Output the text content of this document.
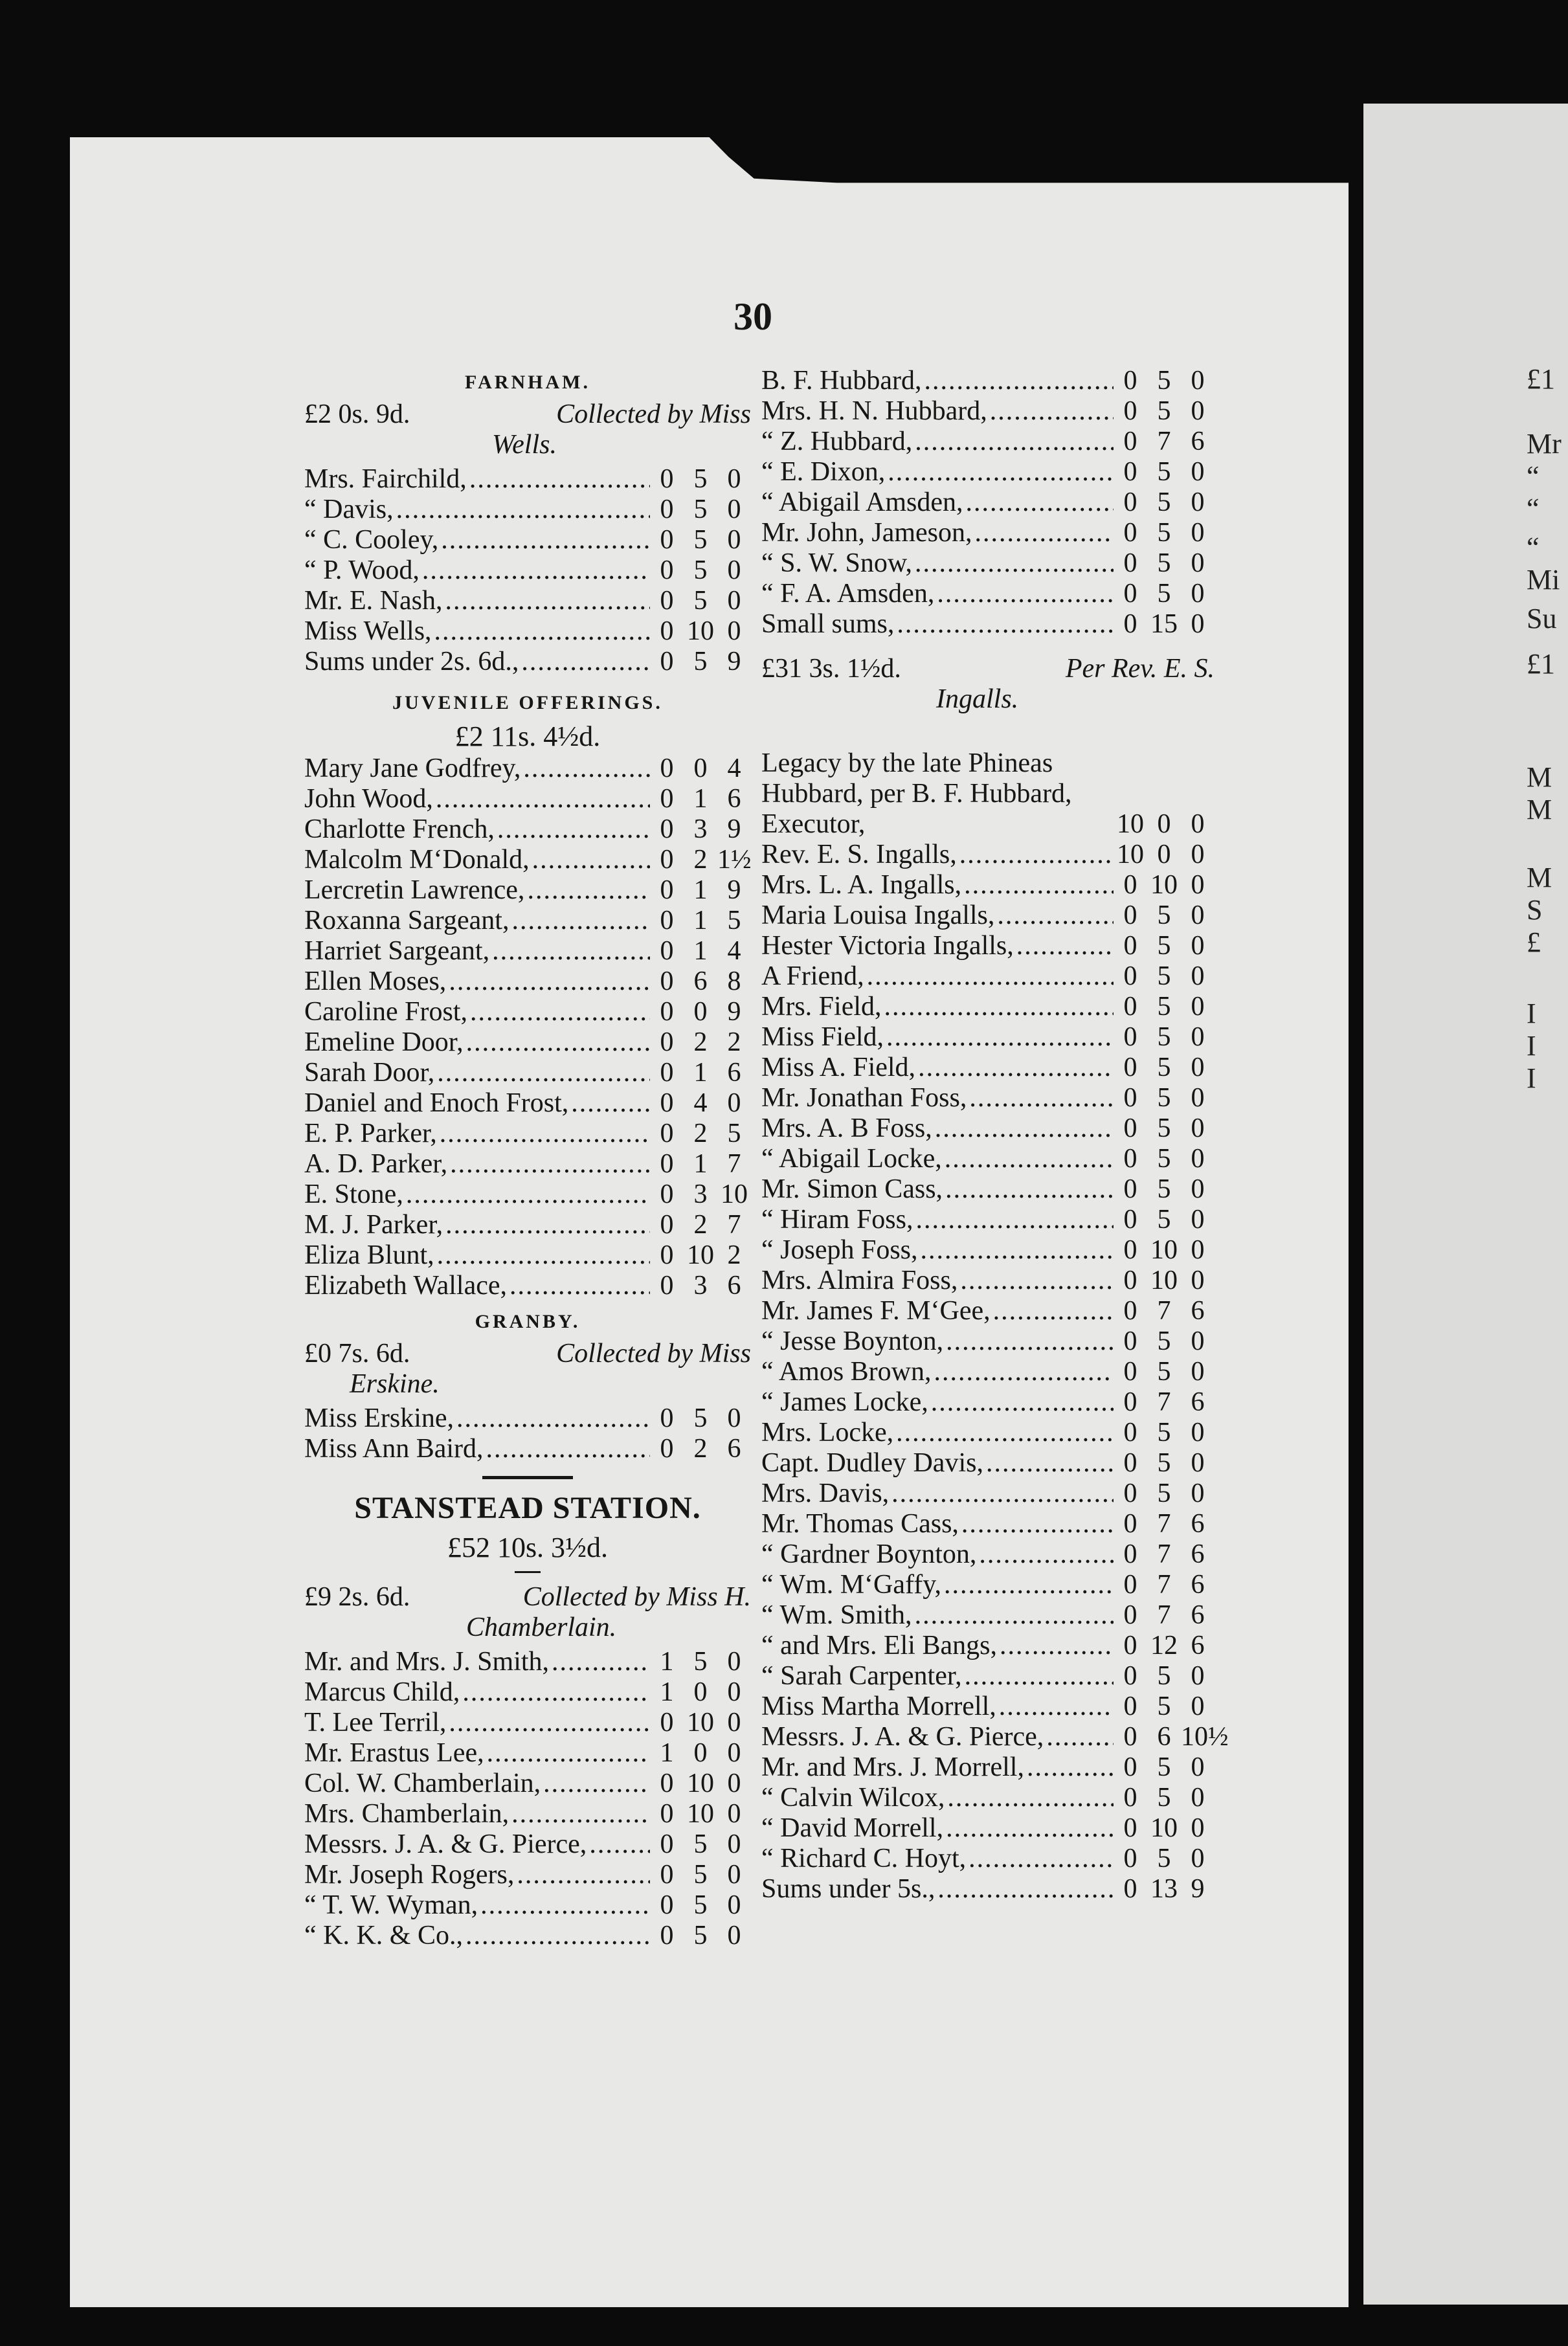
30
FARNHAM.
£2 0s. 9d.	Collected by Miss
Wells.
Mrs. Fairchild, .....	0 5 0
“ Davis, .....	0 5 0
“ C. Cooley, .....	0 5 0
“ P. Wood, .....	0 5 0
Mr. E. Nash, .....	0 5 0
Miss Wells, .....	0 10 0
Sums under 2s. 6d., .....	0 5 9
JUVENILE OFFERINGS.
£2 11s. 4½d.
Mary Jane Godfrey, .....	0 0 4
John Wood, .....	0 1 6
Charlotte French, .....	0 3 9
Malcolm M‘Donald, .....	0 2 1½
Lercretin Lawrence, .....	0 1 9
Roxanna Sargeant, .....	0 1 5
Harriet Sargeant, .....	0 1 4
Ellen Moses, .....	0 6 8
Caroline Frost, .....	0 0 9
Emeline Door, .....	0 2 2
Sarah Door, .....	0 1 6
Daniel and Enoch Frost, .....	0 4 0
E. P. Parker, .....	0 2 5
A. D. Parker, .....	0 1 7
E. Stone, .....	0 3 10
M. J. Parker, .....	0 2 7
Eliza Blunt, .....	0 10 2
Elizabeth Wallace, .....	0 3 6
GRANBY.
£0 7s. 6d.	Collected by Miss
Erskine.
Miss Erskine, .....	0 5 0
Miss Ann Baird, .....	0 2 6
STANSTEAD STATION.
£52 10s. 3½d.
£9 2s. 6d.	Collected by Miss H.
Chamberlain.
Mr. and Mrs. J. Smith, .....	1 5 0
Marcus Child, .....	1 0 0
T. Lee Terril, .....	0 10 0
Mr. Erastus Lee, .....	1 0 0
Col. W. Chamberlain, .....	0 10 0
Mrs. Chamberlain, .....	0 10 0
Messrs. J. A. & G. Pierce, .....	0 5 0
Mr. Joseph Rogers, .....	0 5 0
“ T. W. Wyman, .....	0 5 0
“ K. K. & Co., .....	0 5 0
B. F. Hubbard, .....	0 5 0
Mrs. H. N. Hubbard, .....	0 5 0
“ Z. Hubbard, .....	0 7 6
“ E. Dixon, .....	0 5 0
“ Abigail Amsden, .....	0 5 0
Mr. John, Jameson, .....	0 5 0
“ S. W. Snow, .....	0 5 0
“ F. A. Amsden, .....	0 5 0
Small sums, .....	0 15 0
£31 3s. 1½d.	Per Rev. E. S.
Ingalls.
Legacy by the late Phineas Hubbard, per B. F. Hubbard, Executor,	10 0 0
Rev. E. S. Ingalls, .....	10 0 0
Mrs. L. A. Ingalls, .....	0 10 0
Maria Louisa Ingalls, .....	0 5 0
Hester Victoria Ingalls, .....	0 5 0
A Friend, .....	0 5 0
Mrs. Field, .....	0 5 0
Miss Field, .....	0 5 0
Miss A. Field, .....	0 5 0
Mr. Jonathan Foss, .....	0 5 0
Mrs. A. B Foss, .....	0 5 0
“ Abigail Locke, .....	0 5 0
Mr. Simon Cass, .....	0 5 0
“ Hiram Foss, .....	0 5 0
“ Joseph Foss, .....	0 10 0
Mrs. Almira Foss, .....	0 10 0
Mr. James F. M‘Gee, .....	0 7 6
“ Jesse Boynton, .....	0 5 0
“ Amos Brown, .....	0 5 0
“ James Locke, .....	0 7 6
Mrs. Locke, .....	0 5 0
Capt. Dudley Davis, .....	0 5 0
Mrs. Davis, .....	0 5 0
Mr. Thomas Cass, .....	0 7 6
“ Gardner Boynton, .....	0 7 6
“ Wm. M‘Gaffy, .....	0 7 6
“ Wm. Smith, .....	0 7 6
“ and Mrs. Eli Bangs, .....	0 12 6
“ Sarah Carpenter, .....	0 5 0
Miss Martha Morrell, .....	0 5 0
Messrs. J. A. & G. Pierce, .....	0 6 10½
Mr. and Mrs. J. Morrell, .....	0 5 0
“ Calvin Wilcox, .....	0 5 0
“ David Morrell, .....	0 10 0
“ Richard C. Hoyt, .....	0 5 0
Sums under 5s., .....	0 13 9
£1
Mr
“
“
“
Mi
Su
£1
M
M
M
S
£
I
I
I
